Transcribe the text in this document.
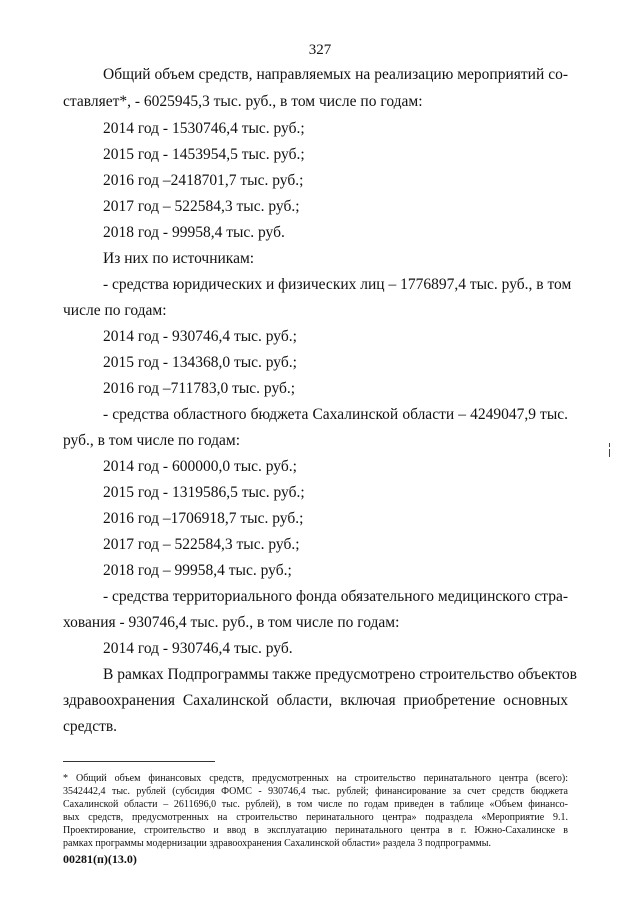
327
Общий объем средств, направляемых на реализацию мероприятий со-
ставляет*, - 6025945,3 тыс. руб., в том числе по годам:
2014 год - 1530746,4 тыс. руб.;
2015 год - 1453954,5 тыс. руб.;
2016 год –2418701,7 тыс. руб.;
2017 год – 522584,3 тыс. руб.;
2018 год - 99958,4 тыс. руб.
Из них по источникам:
- средства юридических и физических лиц – 1776897,4 тыс. руб., в том
числе по годам:
2014 год - 930746,4 тыс. руб.;
2015 год - 134368,0 тыс. руб.;
2016 год –711783,0 тыс. руб.;
- средства областного бюджета Сахалинской области – 4249047,9 тыс.
руб., в том числе по годам:
2014 год - 600000,0 тыс. руб.;
2015 год - 1319586,5 тыс. руб.;
2016 год –1706918,7 тыс. руб.;
2017 год – 522584,3 тыс. руб.;
2018 год – 99958,4 тыс. руб.;
- средства территориального фонда обязательного медицинского стра-
хования - 930746,4 тыс. руб., в том числе по годам:
2014 год - 930746,4 тыс. руб.
В рамках Подпрограммы также предусмотрено строительство объектов
здравоохранения Сахалинской области, включая приобретение основных
средств.
* Общий объем финансовых средств, предусмотренных на строительство перинатального центра (всего):
3542442,4 тыс. рублей (субсидия ФОМС - 930746,4 тыс. рублей; финансирование за счет средств бюджета
Сахалинской области – 2611696,0 тыс. рублей), в том числе по годам приведен в таблице «Объем финансо-
вых средств, предусмотренных на строительство перинатального центра» подраздела «Мероприятие 9.1.
Проектирование, строительство и ввод в эксплуатацию перинатального центра в г. Южно-Сахалинске в
рамках программы модернизации здравоохранения Сахалинской области» раздела 3 подпрограммы.
00281(п)(13.0)
